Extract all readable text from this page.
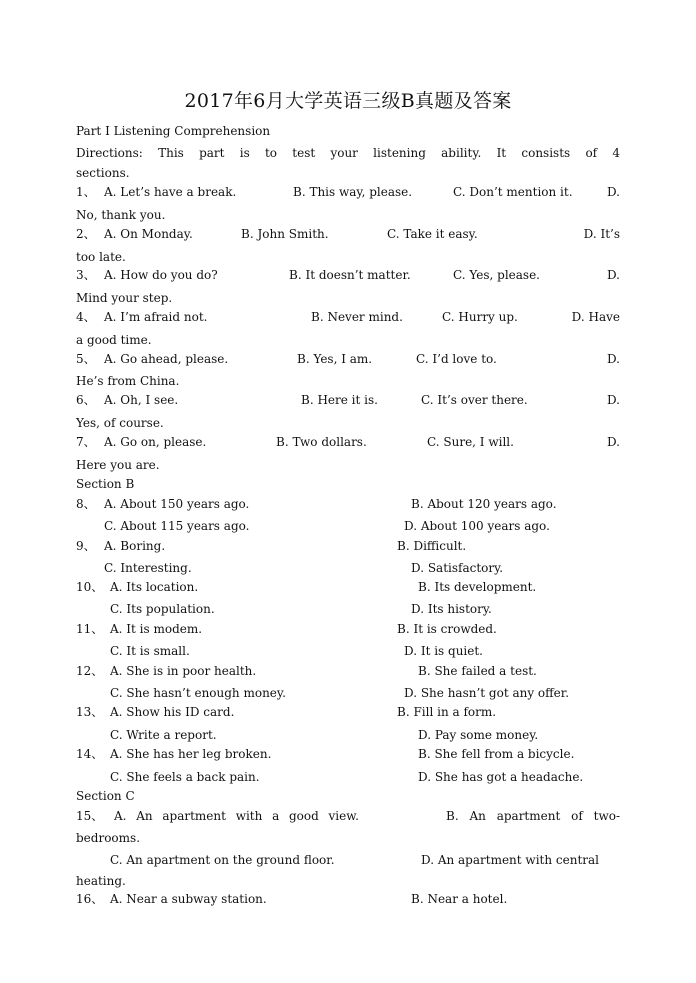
2017年6月大学英语三级B真题及答案
Part Ⅰ Listening Comprehension
Directions: This part is to test your listening ability. It consists of 4
sections.
1、 A. Let’s have a break.	B. This way, please.	C. Don’t mention it.	D.
No, thank you.
2、 A. On Monday.	B. John Smith.	C. Take it easy.	D. It’s
too late.
3、 A. How do you do?	B. It doesn’t matter.	C. Yes, please.	D.
Mind your step.
4、 A. I’m afraid not.	B. Never mind.	C. Hurry up.	D. Have
a good time.
5、 A. Go ahead, please.	B. Yes, I am.	C. I’d love to.	D.
He’s from China.
6、 A. Oh, I see.	B. Here it is.	C. It’s over there.	D.
Yes, of course.
7、 A. Go on, please.	B. Two dollars.	C. Sure, I will.	D.
Here you are.
Section B
8、 A. About 150 years ago.	B. About 120 years ago.
C. About 115 years ago.	D. About 100 years ago.
9、 A. Boring.	B. Difficult.
C. Interesting.	D. Satisfactory.
10、 A. Its location.	B. Its development.
C. Its population.	D. Its history.
11、 A. It is modem.	B. It is crowded.
C. It is small.	D. It is quiet.
12、 A. She is in poor health.	B. She failed a test.
C. She hasn’t enough money.	D. She hasn’t got any offer.
13、 A. Show his ID card.	B. Fill in a form.
C. Write a report.	D. Pay some money.
14、 A. She has her leg broken.	B. She fell from a bicycle.
C. She feels a back pain.	D. She has got a headache.
Section C
15、 A. An apartment with a good view.	B. An apartment of two-
bedrooms.
C. An apartment on the ground floor.	D. An apartment with central
heating.
16、 A. Near a subway station.	B. Near a hotel.
